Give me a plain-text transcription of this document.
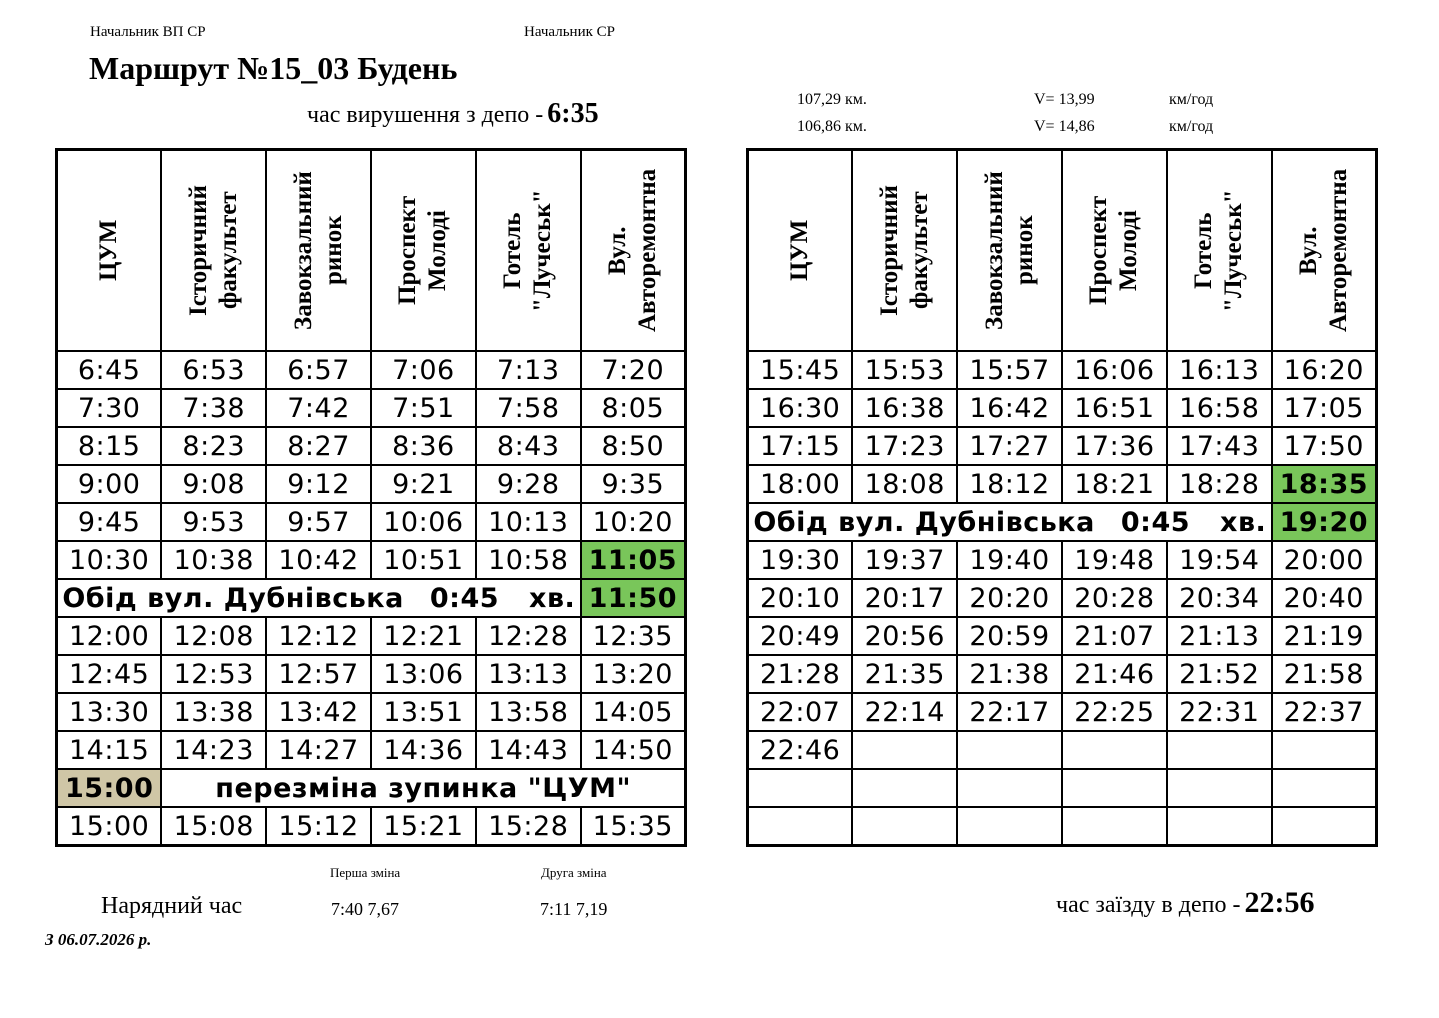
Начальник ВП СР	Начальник СР
Маршрут №15_03 Будень
час вирушення з депо - 6:35	107,29 км.	V= 13,99	км/год
106,86 км.	V= 14,86	км/год
ЦУМ	Історичний факультет	Завокзальний ринок	Проспект Молоді	Готель "Лучеськ"	Вул. Авторемонтна

6:45	6:53	6:57	7:06	7:13	7:20
7:30	7:38	7:42	7:51	7:58	8:05
8:15	8:23	8:27	8:36	8:43	8:50
9:00	9:08	9:12	9:21	9:28	9:35
9:45	9:53	9:57	10:06	10:13	10:20
10:30	10:38	10:42	10:51	10:58	11:05
Обід вул. Дубнівська 0:45 хв.					11:50
12:00	12:08	12:12	12:21	12:28	12:35
12:45	12:53	12:57	13:06	13:13	13:20
13:30	13:38	13:42	13:51	13:58	14:05
14:15	14:23	14:27	14:36	14:43	14:50
15:00	перезміна зупинка "ЦУМ"				
15:00	15:08	15:12	15:21	15:28	15:35
ЦУМ	Історичний факультет	Завокзальний ринок	Проспект Молоді	Готель "Лучеськ"	Вул. Авторемонтна

15:45	15:53	15:57	16:06	16:13	16:20
16:30	16:38	16:42	16:51	16:58	17:05
17:15	17:23	17:27	17:36	17:43	17:50
18:00	18:08	18:12	18:21	18:28	18:35
Обід вул. Дубнівська 0:45 хв.					19:20
19:30	19:37	19:40	19:48	19:54	20:00
20:10	20:17	20:20	20:28	20:34	20:40
20:49	20:56	20:59	21:07	21:13	21:19
21:28	21:35	21:38	21:46	21:52	21:58
22:07	22:14	22:17	22:25	22:31	22:37
22:46					

Нарядний час
Перша зміна
7:40 7,67
Друга зміна
7:11 7,19
З 06.07.2026 р.
час заїзду в депо - 22:56
